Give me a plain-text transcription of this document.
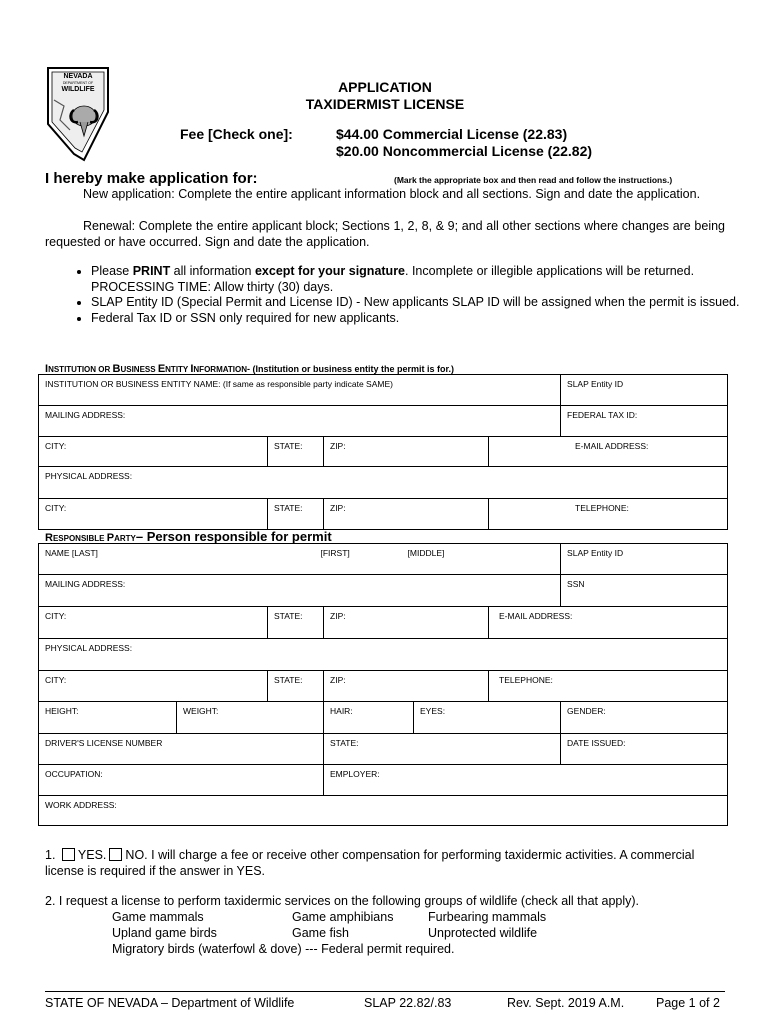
NEVADA
DEPARTMENT OF
WILDLIFE	APPLICATION
TAXIDERMIST LICENSE
Fee [Check one]:	$44.00 Commercial License (22.83)
$20.00 Noncommercial License (22.82)
I hereby make application for:	(Mark the appropriate box and then read and follow the instructions.)
New application: Complete the entire applicant information block and all sections. Sign and date the application.
Renewal: Complete the entire applicant block; Sections 1, 2, 8, & 9; and all other sections where changes are being requested or have occurred. Sign and date the application.
• Please PRINT all information except for your signature. Incomplete or illegible applications will be returned. PROCESSING TIME: Allow thirty (30) days.
• SLAP Entity ID (Special Permit and License ID) - New applicants SLAP ID will be assigned when the permit is issued.
• Federal Tax ID or SSN only required for new applicants.
INSTITUTION OR BUSINESS ENTITY INFORMATION- (Institution or business entity the permit is for.)
INSTITUTION OR BUSINESS ENTITY NAME: (If same as responsible party indicate SAME)				SLAP Entity ID
MAILING ADDRESS:				FEDERAL TAX ID:
CITY:	STATE:	ZIP:	E-MAIL ADDRESS:	
PHYSICAL ADDRESS:				
CITY:	STATE:	ZIP:	TELEPHONE:	
RESPONSIBLE PARTY– Person responsible for permit
NAME [LAST] [FIRST]			[MIDDLE]			SLAP Entity ID
MAILING ADDRESS:						SSN
CITY:		STATE:	ZIP:		E-MAIL ADDRESS:	
PHYSICAL ADDRESS:						
CITY:		STATE:	ZIP:		TELEPHONE:	
HEIGHT:	WEIGHT:		HAIR:	EYES:		GENDER:
DRIVER'S LICENSE NUMBER			STATE:			DATE ISSUED:
OCCUPATION:			EMPLOYER:			
WORK ADDRESS:						
1. YES. NO. I will charge a fee or receive other compensation for performing taxidermic activities. A commercial license is required if the answer in YES.
2. I request a license to perform taxidermic services on the following groups of wildlife (check all that apply).
Game mammals	Game amphibians	Furbearing mammals
Upland game birds	Game fish	Unprotected wildlife
Migratory birds (waterfowl & dove) --- Federal permit required.
STATE OF NEVADA – Department of Wildlife	SLAP 22.82/.83	Rev. Sept. 2019 A.M.	Page 1 of 2
